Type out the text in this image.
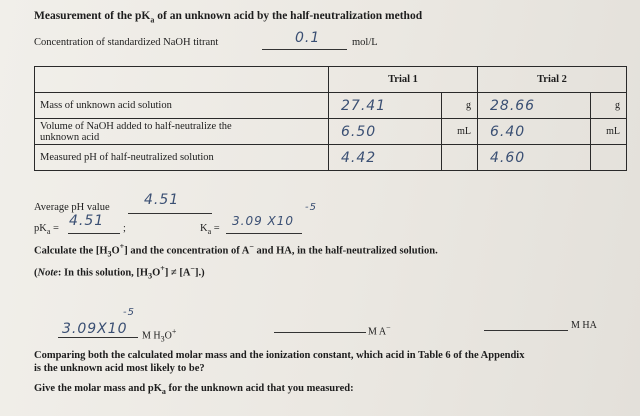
Measurement of the $pK_a$ of an unknown acid by the half-neutralization method
Concentration of standardized NaOH titrant	0.1	mol/L
	Trial 1		Trial 2	
Mass of unknown acid solution	27.41	g	28.66	g

Volume of NaOH added to half-neutralize the unknown acid	6.50	mL	6.40	mL
Measured pH of half-neutralized solution	4.42		4.60	
Average pH value 4.51
$pK_a = 4.51$ ;	$K_a$ =
3.09 X10
-5
Calculate the $[H_3O^+]$ and the concentration of A− and HA, in the half-neutralized solution.
(Note: In this solution, $[H_3O^+] \ne [A^-]$.)
3.09X10
-5
M $H_3O^+$	M A−	M HA
Comparing both the calculated molar mass and the ionization constant, which acid in Table 6 of the Appendix
is the unknown acid most likely to be?
Give the molar mass and $pK_a$ for the unknown acid that you measured:
